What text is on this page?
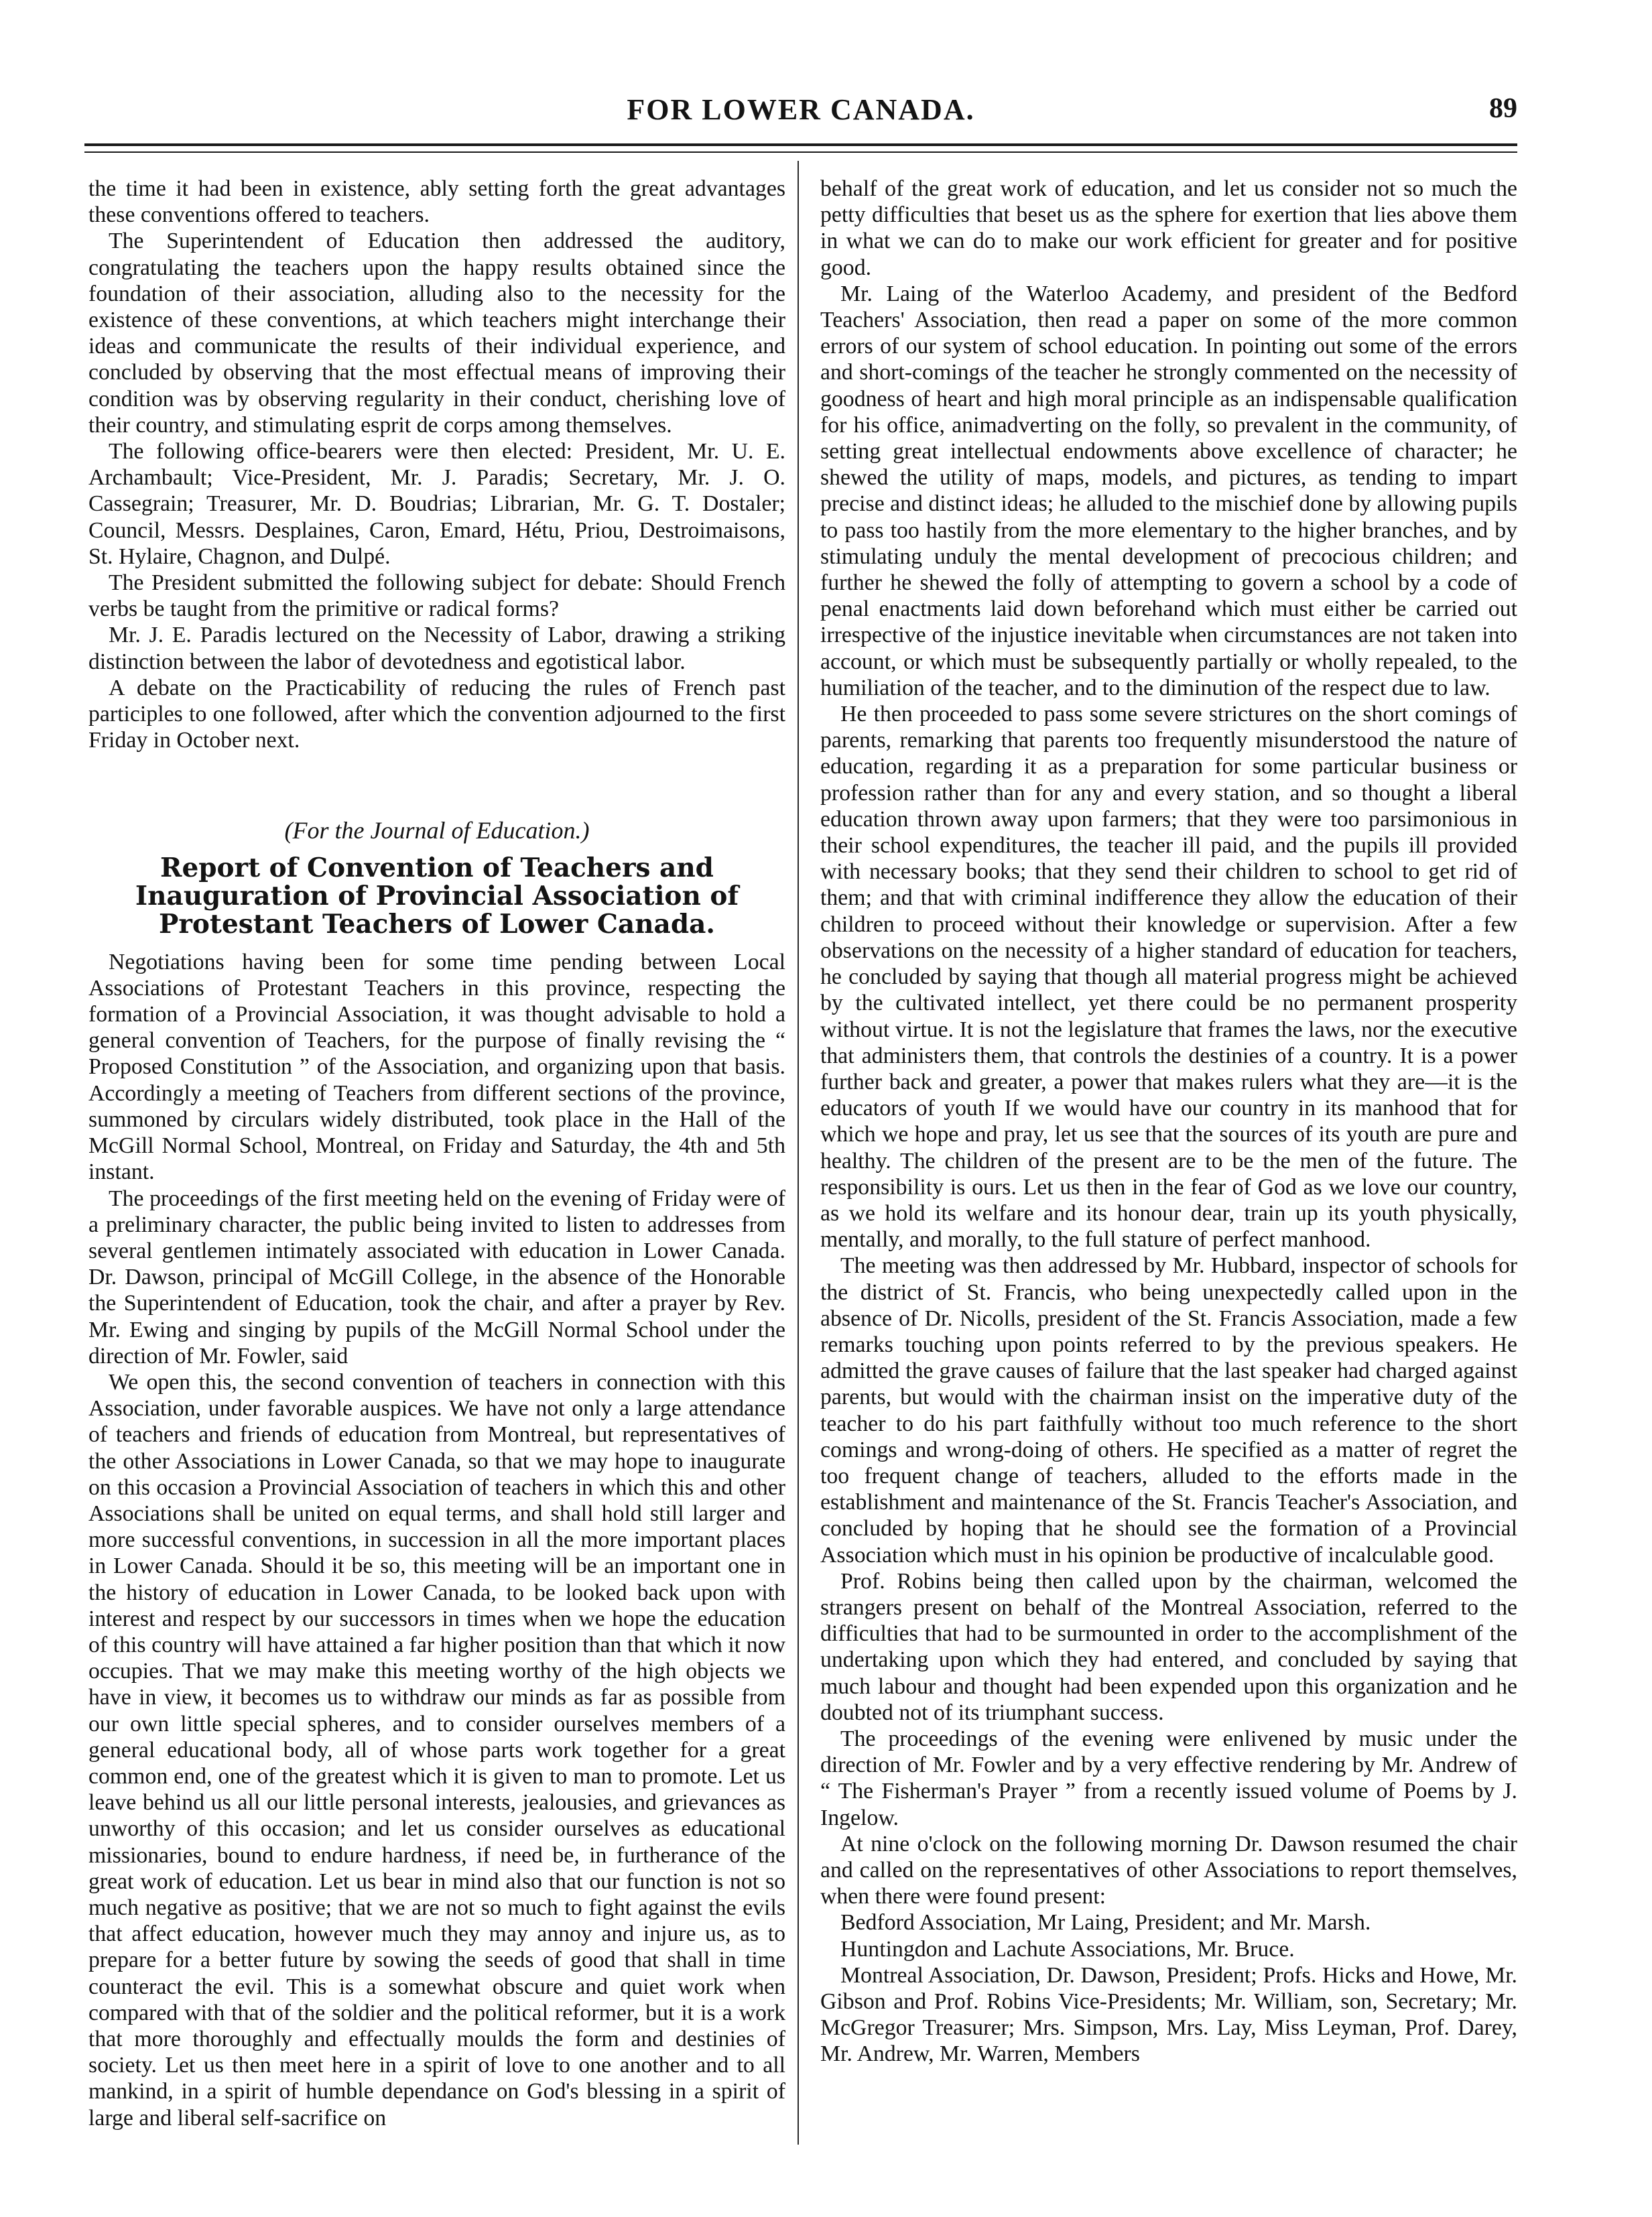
FOR LOWER CANADA.	89

the time it had been in existence, ably setting forth the great advantages these conventions offered to teachers.

The Superintendent of Education then addressed the auditory, congratulating the teachers upon the happy results obtained since the foundation of their association, alluding also to the necessity for the existence of these conventions, at which teachers might interchange their ideas and communicate the results of their individual experience, and concluded by observing that the most effectual means of improving their condition was by observing regularity in their conduct, cherishing love of their country, and stimulating esprit de corps among themselves.

The following office-bearers were then elected: President, Mr. U. E. Archambault; Vice-President, Mr. J. Paradis; Secretary, Mr. J. O. Cassegrain; Treasurer, Mr. D. Boudrias; Librarian, Mr. G. T. Dostaler; Council, Messrs. Desplaines, Caron, Emard, Hétu, Priou, Destroimaisons, St. Hylaire, Chagnon, and Dulpé.

The President submitted the following subject for debate: Should French verbs be taught from the primitive or radical forms?

Mr. J. E. Paradis lectured on the Necessity of Labor, drawing a striking distinction between the labor of devotedness and egotistical labor.

A debate on the Practicability of reducing the rules of French past participles to one followed, after which the convention adjourned to the first Friday in October next.

(For the Journal of Education.)
Report of Convention of Teachers and Inauguration of Provincial Association of Protestant Teachers of Lower Canada.

Negotiations having been for some time pending between Local Associations of Protestant Teachers in this province, respecting the formation of a Provincial Association, it was thought advisable to hold a general convention of Teachers, for the purpose of finally revising the “ Proposed Constitution ” of the Association, and organizing upon that basis. Accordingly a meeting of Teachers from different sections of the province, summoned by circulars widely distributed, took place in the Hall of the McGill Normal School, Montreal, on Friday and Saturday, the 4th and 5th instant.

The proceedings of the first meeting held on the evening of Friday were of a preliminary character, the public being invited to listen to addresses from several gentlemen intimately associated with education in Lower Canada. Dr. Dawson, principal of McGill College, in the absence of the Honorable the Superintendent of Education, took the chair, and after a prayer by Rev. Mr. Ewing and singing by pupils of the McGill Normal School under the direction of Mr. Fowler, said

We open this, the second convention of teachers in connection with this Association, under favorable auspices. We have not only a large attendance of teachers and friends of education from Montreal, but representatives of the other Associations in Lower Canada, so that we may hope to inaugurate on this occasion a Provincial Association of teachers in which this and other Associations shall be united on equal terms, and shall hold still larger and more successful conventions, in succession in all the more important places in Lower Canada. Should it be so, this meeting will be an important one in the history of education in Lower Canada, to be looked back upon with interest and respect by our successors in times when we hope the education of this country will have attained a far higher position than that which it now occupies. That we may make this meeting worthy of the high objects we have in view, it becomes us to withdraw our minds as far as possible from our own little special spheres, and to consider ourselves members of a general educational body, all of whose parts work together for a great common end, one of the greatest which it is given to man to promote. Let us leave behind us all our little personal interests, jealousies, and grievances as unworthy of this occasion; and let us consider ourselves as educational missionaries, bound to endure hardness, if need be, in furtherance of the great work of education. Let us bear in mind also that our function is not so much negative as positive; that we are not so much to fight against the evils that affect education, however much they may annoy and injure us, as to prepare for a better future by sowing the seeds of good that shall in time counteract the evil. This is a somewhat obscure and quiet work when compared with that of the soldier and the political reformer, but it is a work that more thoroughly and effectually moulds the form and destinies of society. Let us then meet here in a spirit of love to one another and to all mankind, in a spirit of humble dependance on God's blessing in a spirit of large and liberal self-sacrifice on

behalf of the great work of education, and let us consider not so much the petty difficulties that beset us as the sphere for exertion that lies above them in what we can do to make our work efficient for greater and for positive good.

Mr. Laing of the Waterloo Academy, and president of the Bedford Teachers' Association, then read a paper on some of the more common errors of our system of school education. In pointing out some of the errors and short-comings of the teacher he strongly commented on the necessity of goodness of heart and high moral principle as an indispensable qualification for his office, animadverting on the folly, so prevalent in the community, of setting great intellectual endowments above excellence of character; he shewed the utility of maps, models, and pictures, as tending to impart precise and distinct ideas; he alluded to the mischief done by allowing pupils to pass too hastily from the more elementary to the higher branches, and by stimulating unduly the mental development of precocious children; and further he shewed the folly of attempting to govern a school by a code of penal enactments laid down beforehand which must either be carried out irrespective of the injustice inevitable when circumstances are not taken into account, or which must be subsequently partially or wholly repealed, to the humiliation of the teacher, and to the diminution of the respect due to law.

He then proceeded to pass some severe strictures on the short comings of parents, remarking that parents too frequently misunderstood the nature of education, regarding it as a preparation for some particular business or profession rather than for any and every station, and so thought a liberal education thrown away upon farmers; that they were too parsimonious in their school expenditures, the teacher ill paid, and the pupils ill provided with necessary books; that they send their children to school to get rid of them; and that with criminal indifference they allow the education of their children to proceed without their knowledge or supervision. After a few observations on the necessity of a higher standard of education for teachers, he concluded by saying that though all material progress might be achieved by the cultivated intellect, yet there could be no permanent prosperity without virtue. It is not the legislature that frames the laws, nor the executive that administers them, that controls the destinies of a country. It is a power further back and greater, a power that makes rulers what they are—it is the educators of youth If we would have our country in its manhood that for which we hope and pray, let us see that the sources of its youth are pure and healthy. The children of the present are to be the men of the future. The responsibility is ours. Let us then in the fear of God as we love our country, as we hold its welfare and its honour dear, train up its youth physically, mentally, and morally, to the full stature of perfect manhood.

The meeting was then addressed by Mr. Hubbard, inspector of schools for the district of St. Francis, who being unexpectedly called upon in the absence of Dr. Nicolls, president of the St. Francis Association, made a few remarks touching upon points referred to by the previous speakers. He admitted the grave causes of failure that the last speaker had charged against parents, but would with the chairman insist on the imperative duty of the teacher to do his part faithfully without too much reference to the short comings and wrong-doing of others. He specified as a matter of regret the too frequent change of teachers, alluded to the efforts made in the establishment and maintenance of the St. Francis Teacher's Association, and concluded by hoping that he should see the formation of a Provincial Association which must in his opinion be productive of incalculable good.

Prof. Robins being then called upon by the chairman, welcomed the strangers present on behalf of the Montreal Association, referred to the difficulties that had to be surmounted in order to the accomplishment of the undertaking upon which they had entered, and concluded by saying that much labour and thought had been expended upon this organization and he doubted not of its triumphant success.

The proceedings of the evening were enlivened by music under the direction of Mr. Fowler and by a very effective rendering by Mr. Andrew of “ The Fisherman's Prayer ” from a recently issued volume of Poems by J. Ingelow.

At nine o'clock on the following morning Dr. Dawson resumed the chair and called on the representatives of other Associations to report themselves, when there were found present:

Bedford Association, Mr Laing, President; and Mr. Marsh.

Huntingdon and Lachute Associations, Mr. Bruce.

Montreal Association, Dr. Dawson, President; Profs. Hicks and Howe, Mr. Gibson and Prof. Robins Vice-Presidents; Mr. William, son, Secretary; Mr. McGregor Treasurer; Mrs. Simpson, Mrs. Lay, Miss Leyman, Prof. Darey, Mr. Andrew, Mr. Warren, Members
